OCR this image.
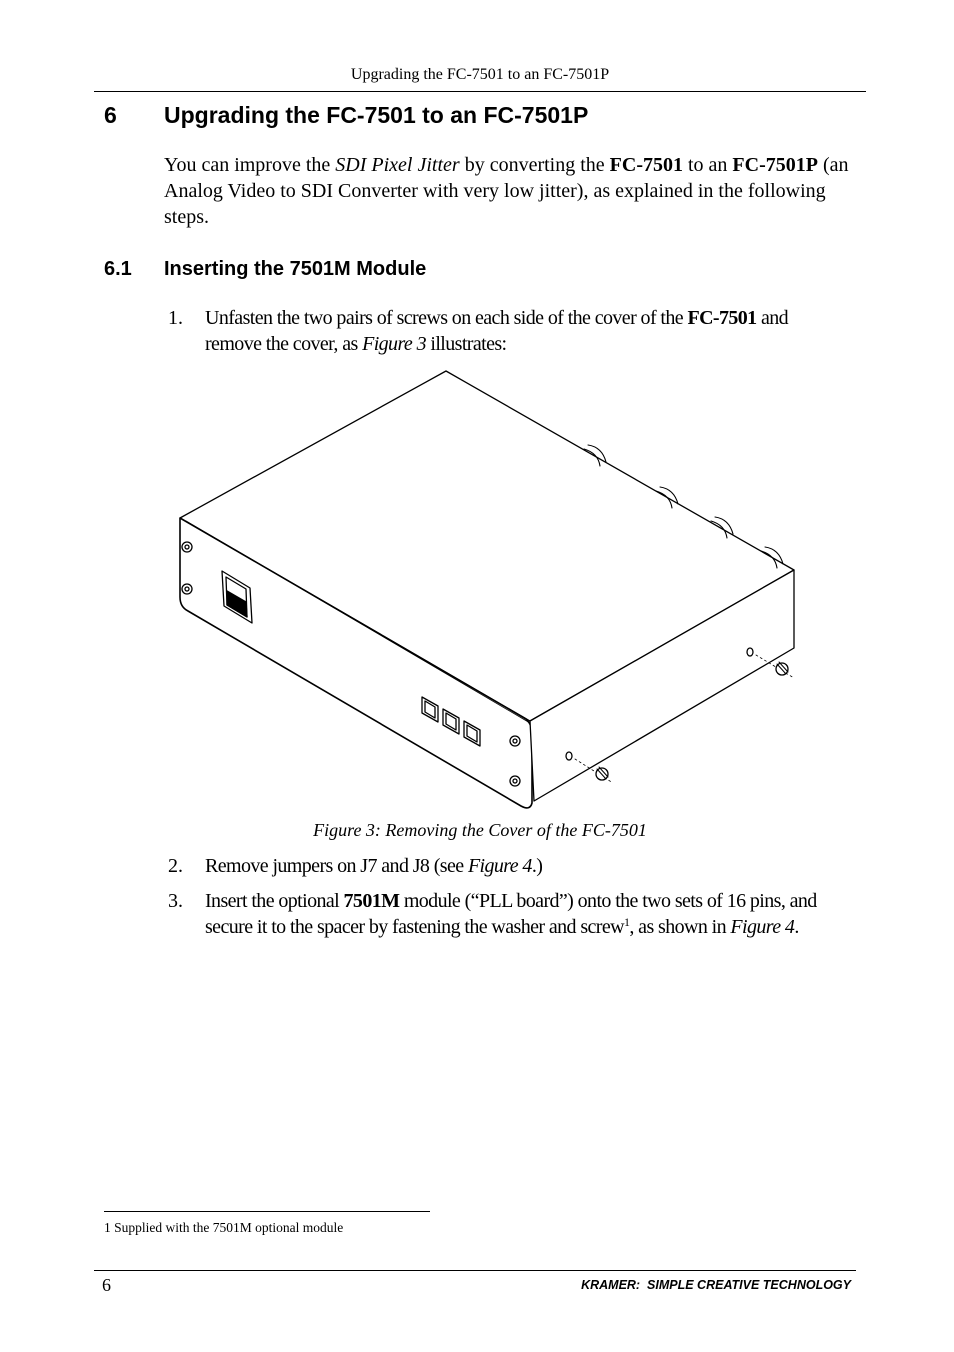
Upgrading the FC-7501 to an FC-7501P
6 Upgrading the FC-7501 to an FC-7501P
You can improve the SDI Pixel Jitter by converting the FC-7501 to an FC-7501P (an Analog Video to SDI Converter with very low jitter), as explained in the following steps.
6.1 Inserting the 7501M Module
1. Unfasten the two pairs of screws on each side of the cover of the FC-7501 and remove the cover, as Figure 3 illustrates:
Figure 3: Removing the Cover of the FC-7501
2. Remove jumpers on J7 and J8 (see Figure 4.)
3. Insert the optional 7501M module (“PLL board”) onto the two sets of 16 pins, and secure it to the spacer by fastening the washer and screw$^1$, as shown in Figure 4.
1 Supplied with the 7501M optional module
6	KRAMER:  SIMPLE CREATIVE TECHNOLOGY
